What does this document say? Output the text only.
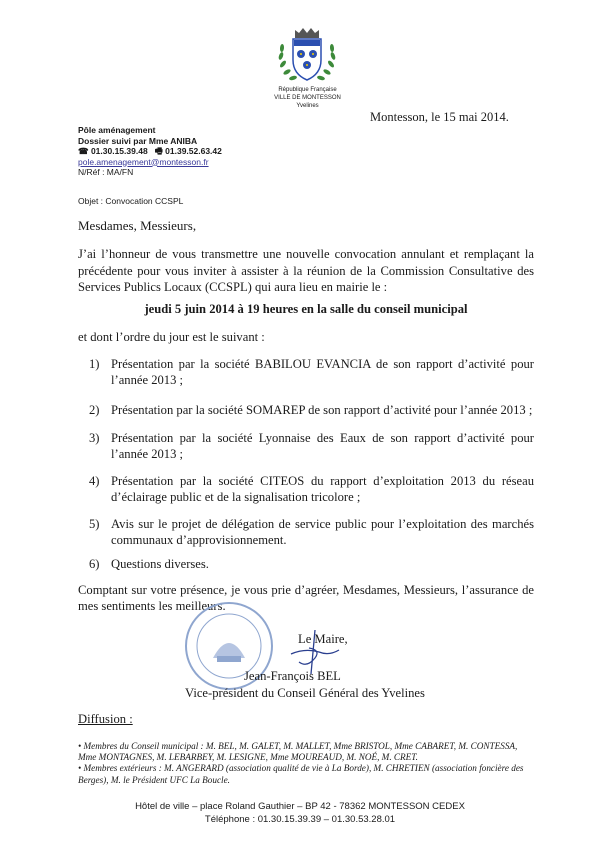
République Française
VILLE DE MONTESSON
Yvelines
Montesson, le 15 mai 2014.
Pôle aménagement
Dossier suivi par Mme ANIBA
☎ 01.30.15.39.48 🖷 01.39.52.63.42
pole.amenagement@montesson.fr
N/Réf : MA/FN
Objet : Convocation CCSPL
Mesdames, Messieurs,
J’ai l’honneur de vous transmettre une nouvelle convocation annulant et remplaçant la précédente pour vous inviter à assister à la réunion de la Commission Consultative des Services Publics Locaux (CCSPL) qui aura lieu en mairie le :
jeudi 5 juin 2014 à 19 heures en la salle du conseil municipal
et dont l’ordre du jour est le suivant :
1) Présentation par la société BABILOU EVANCIA de son rapport d’activité pour l’année 2013 ;
2) Présentation par la société SOMAREP de son rapport d’activité pour l’année 2013 ;
3) Présentation par la société Lyonnaise des Eaux de son rapport d’activité pour l’année 2013 ;
4) Présentation par la société CITEOS du rapport d’exploitation 2013 du réseau d’éclairage public et de la signalisation tricolore ;
5) Avis sur le projet de délégation de service public pour l’exploitation des marchés communaux d’approvisionnement.
6) Questions diverses.
Comptant sur votre présence, je vous prie d’agréer, Mesdames, Messieurs, l’assurance de mes sentiments les meilleurs.
Le Maire,
Jean-François BEL
Vice-président du Conseil Général des Yvelines
Diffusion :
• Membres du Conseil municipal : M. BEL, M. GALET, M. MALLET, Mme BRISTOL, Mme CABARET, M. CONTESSA, Mme MONTAGNES, M. LEBARBEY, M. LESIGNE, Mme MOUREAUD, M. NOÉ, M. CRET.
• Membres extérieurs : M. ANGERARD (association qualité de vie à La Borde), M. CHRETIEN (association foncière des Berges), M. le Président UFC La Boucle.
Hôtel de ville – place Roland Gauthier – BP 42 - 78362 MONTESSON CEDEX
Téléphone : 01.30.15.39.39 – 01.30.53.28.01
